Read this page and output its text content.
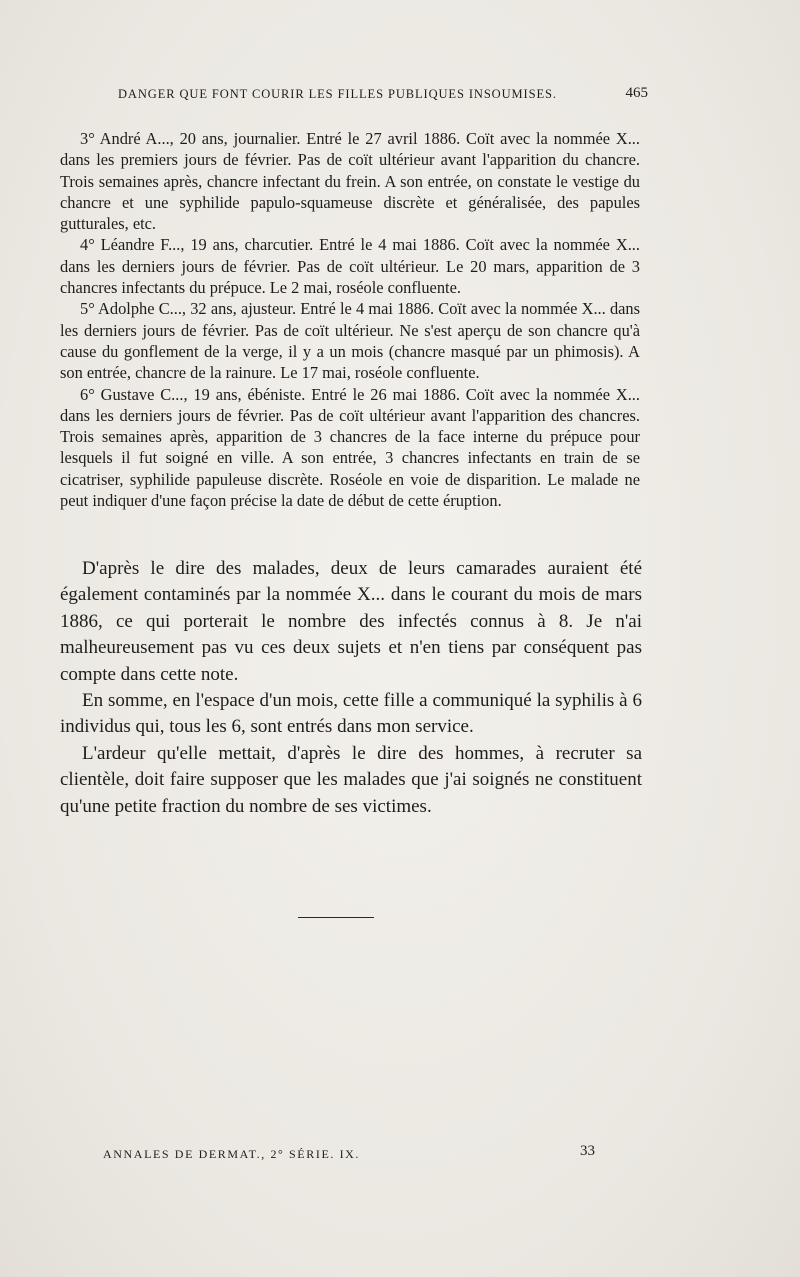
DANGER QUE FONT COURIR LES FILLES PUBLIQUES INSOUMISES.	465

3° André A..., 20 ans, journalier. Entré le 27 avril 1886. Coït avec la nommée X... dans les premiers jours de février. Pas de coït ultérieur avant l'apparition du chancre. Trois semaines après, chancre infectant du frein. A son entrée, on constate le vestige du chancre et une syphilide papulo-squameuse discrète et généralisée, des papules gutturales, etc.

4° Léandre F..., 19 ans, charcutier. Entré le 4 mai 1886. Coït avec la nommée X... dans les derniers jours de février. Pas de coït ultérieur. Le 20 mars, apparition de 3 chancres infectants du prépuce. Le 2 mai, roséole confluente.

5° Adolphe C..., 32 ans, ajusteur. Entré le 4 mai 1886. Coït avec la nommée X... dans les derniers jours de février. Pas de coït ultérieur. Ne s'est aperçu de son chancre qu'à cause du gonflement de la verge, il y a un mois (chancre masqué par un phimosis). A son entrée, chancre de la rainure. Le 17 mai, roséole confluente.

6° Gustave C..., 19 ans, ébéniste. Entré le 26 mai 1886. Coït avec la nommée X... dans les derniers jours de février. Pas de coït ultérieur avant l'apparition des chancres. Trois semaines après, apparition de 3 chancres de la face interne du prépuce pour lesquels il fut soigné en ville. A son entrée, 3 chancres infectants en train de se cicatriser, syphilide papuleuse discrète. Roséole en voie de disparition. Le malade ne peut indiquer d'une façon précise la date de début de cette éruption.

D'après le dire des malades, deux de leurs camarades auraient été également contaminés par la nommée X... dans le courant du mois de mars 1886, ce qui porterait le nombre des infectés connus à 8. Je n'ai malheureusement pas vu ces deux sujets et n'en tiens par conséquent pas compte dans cette note.

En somme, en l'espace d'un mois, cette fille a communiqué la syphilis à 6 individus qui, tous les 6, sont entrés dans mon service.

L'ardeur qu'elle mettait, d'après le dire des hommes, à recruter sa clientèle, doit faire supposer que les malades que j'ai soignés ne constituent qu'une petite fraction du nombre de ses victimes.

ANNALES DE DERMAT., 2° SÉRIE. IX.	33
